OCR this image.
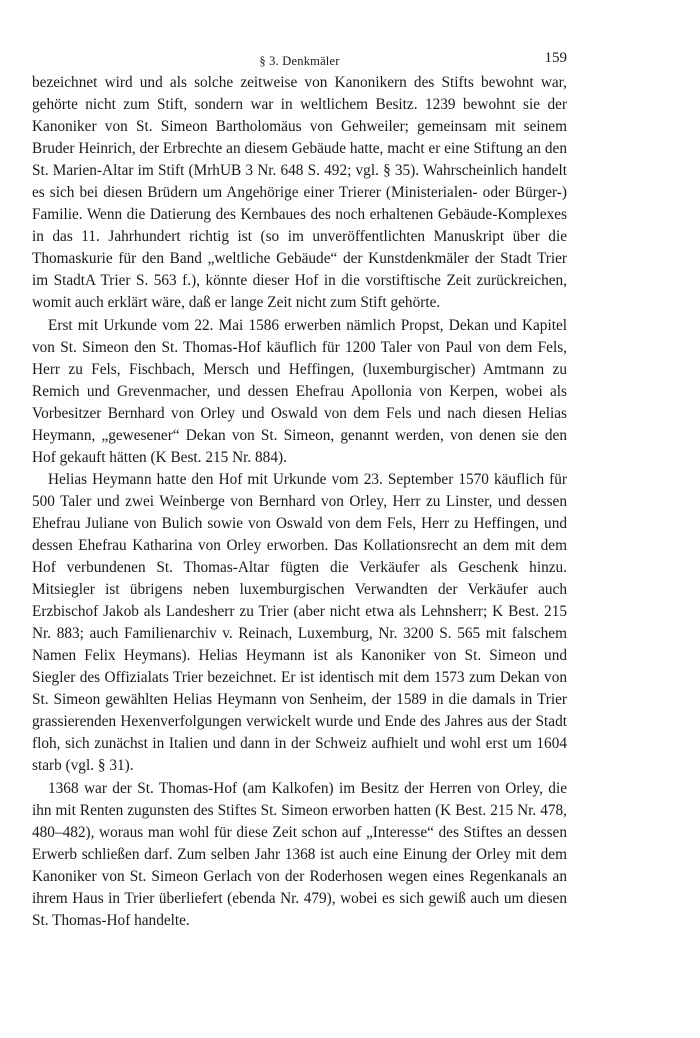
§ 3. Denkmäler	159

bezeichnet wird und als solche zeitweise von Kanonikern des Stifts bewohnt war, gehörte nicht zum Stift, sondern war in weltlichem Besitz. 1239 bewohnt sie der Kanoniker von St. Simeon Bartholomäus von Gehweiler; gemeinsam mit seinem Bruder Heinrich, der Erbrechte an diesem Gebäude hatte, macht er eine Stiftung an den St. Marien-Altar im Stift (MrhUB 3 Nr. 648 S. 492; vgl. § 35). Wahrscheinlich handelt es sich bei diesen Brüdern um Angehörige einer Trierer (Ministerialen- oder Bürger-) Familie. Wenn die Datierung des Kernbaues des noch erhaltenen Gebäude-Komplexes in das 11. Jahrhundert richtig ist (so im unveröffentlichten Manuskript über die Thomaskurie für den Band „weltliche Gebäude“ der Kunstdenkmäler der Stadt Trier im StadtA Trier S. 563 f.), könnte dieser Hof in die vorstiftische Zeit zurückreichen, womit auch erklärt wäre, daß er lange Zeit nicht zum Stift gehörte.

Erst mit Urkunde vom 22. Mai 1586 erwerben nämlich Propst, Dekan und Kapitel von St. Simeon den St. Thomas-Hof käuflich für 1200 Taler von Paul von dem Fels, Herr zu Fels, Fischbach, Mersch und Heffingen, (luxemburgischer) Amtmann zu Remich und Grevenmacher, und dessen Ehefrau Apollonia von Kerpen, wobei als Vorbesitzer Bernhard von Orley und Oswald von dem Fels und nach diesen Helias Heymann, „gewesener“ Dekan von St. Simeon, genannt werden, von denen sie den Hof gekauft hätten (K Best. 215 Nr. 884).

Helias Heymann hatte den Hof mit Urkunde vom 23. September 1570 käuflich für 500 Taler und zwei Weinberge von Bernhard von Orley, Herr zu Linster, und dessen Ehefrau Juliane von Bulich sowie von Oswald von dem Fels, Herr zu Heffingen, und dessen Ehefrau Katharina von Orley erworben. Das Kollationsrecht an dem mit dem Hof verbundenen St. Thomas-Altar fügten die Verkäufer als Geschenk hinzu. Mitsiegler ist übrigens neben luxemburgischen Verwandten der Verkäufer auch Erzbischof Jakob als Landesherr zu Trier (aber nicht etwa als Lehnsherr; K Best. 215 Nr. 883; auch Familienarchiv v. Reinach, Luxemburg, Nr. 3200 S. 565 mit falschem Namen Felix Heymans). Helias Heymann ist als Kanoniker von St. Simeon und Siegler des Offizialats Trier bezeichnet. Er ist identisch mit dem 1573 zum Dekan von St. Simeon gewählten Helias Heymann von Senheim, der 1589 in die damals in Trier grassierenden Hexenverfolgungen verwickelt wurde und Ende des Jahres aus der Stadt floh, sich zunächst in Italien und dann in der Schweiz aufhielt und wohl erst um 1604 starb (vgl. § 31).

1368 war der St. Thomas-Hof (am Kalkofen) im Besitz der Herren von Orley, die ihn mit Renten zugunsten des Stiftes St. Simeon erworben hatten (K Best. 215 Nr. 478, 480–482), woraus man wohl für diese Zeit schon auf „Interesse“ des Stiftes an dessen Erwerb schließen darf. Zum selben Jahr 1368 ist auch eine Einung der Orley mit dem Kanoniker von St. Simeon Gerlach von der Roderhosen wegen eines Regenkanals an ihrem Haus in Trier überliefert (ebenda Nr. 479), wobei es sich gewiß auch um diesen St. Thomas-Hof handelte.
